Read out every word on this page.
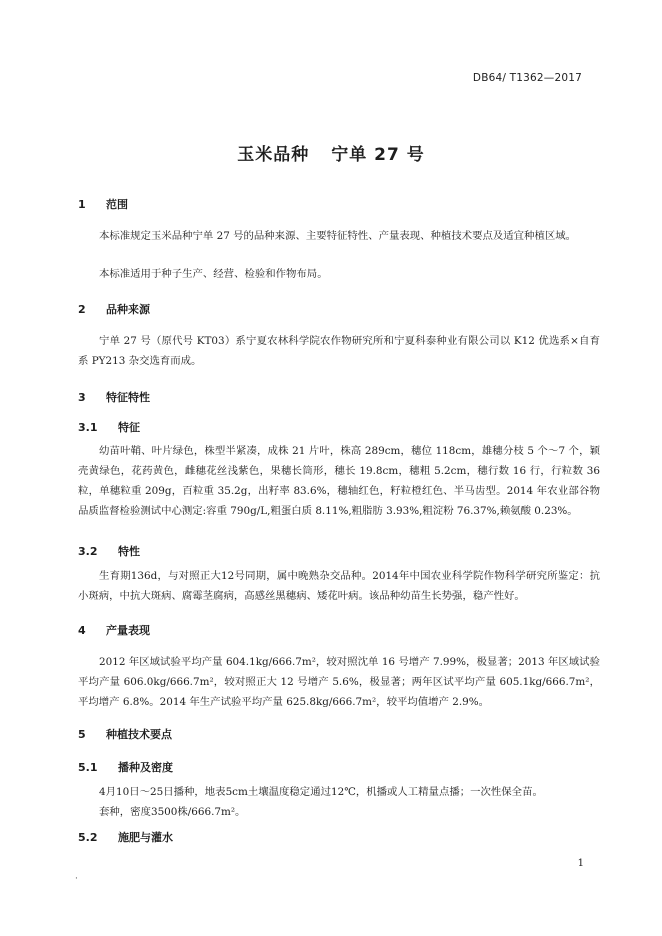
DB64/ T1362—2017
玉米品种 宁单 27 号
1 范围

本标准规定玉米品种宁单 27 号的品种来源、主要特征特性、产量表现、种植技术要点及适宜种植区域。

本标准适用于种子生产、经营、检验和作物布局。

2 品种来源

宁单 27 号（原代号 KT03）系宁夏农林科学院农作物研究所和宁夏科泰种业有限公司以 K12 优选系×自育系 PY213 杂交选育而成。

3 特征特性
3.1 特征

幼苗叶鞘、叶片绿色，株型半紧凑，成株 21 片叶，株高 289cm，穗位 118cm，雄穗分枝 5 个～7 个，颖壳黄绿色，花药黄色，雌穗花丝浅紫色，果穗长筒形，穗长 19.8cm，穗粗 5.2cm，穗行数 16 行，行粒数 36 粒，单穗粒重 209g，百粒重 35.2g，出籽率 83.6%，穗轴红色，籽粒橙红色、半马齿型。2014 年农业部谷物品质监督检验测试中心测定:容重 790g/L,粗蛋白质 8.11%,粗脂肪 3.93%,粗淀粉 76.37%,赖氨酸 0.23%。

3.2 特性

生育期136d，与对照正大12号同期，属中晚熟杂交品种。2014年中国农业科学院作物科学研究所鉴定：抗小斑病，中抗大斑病、腐霉茎腐病，高感丝黑穗病、矮花叶病。该品种幼苗生长势强，稳产性好。

4 产量表现

2012 年区域试验平均产量 604.1kg/666.7m²，较对照沈单 16 号增产 7.99%，极显著；2013 年区域试验平均产量 606.0kg/666.7m²，较对照正大 12 号增产 5.6%，极显著；两年区试平均产量 605.1kg/666.7m²，平均增产 6.8%。2014 年生产试验平均产量 625.8kg/666.7m²，较平均值增产 2.9%。

5 种植技术要点
5.1 播种及密度

4月10日～25日播种，地表5cm土壤温度稳定通过12℃，机播或人工精量点播；一次性保全苗。

套种，密度3500株/666.7m²。

5.2 施肥与灌水
1
·
